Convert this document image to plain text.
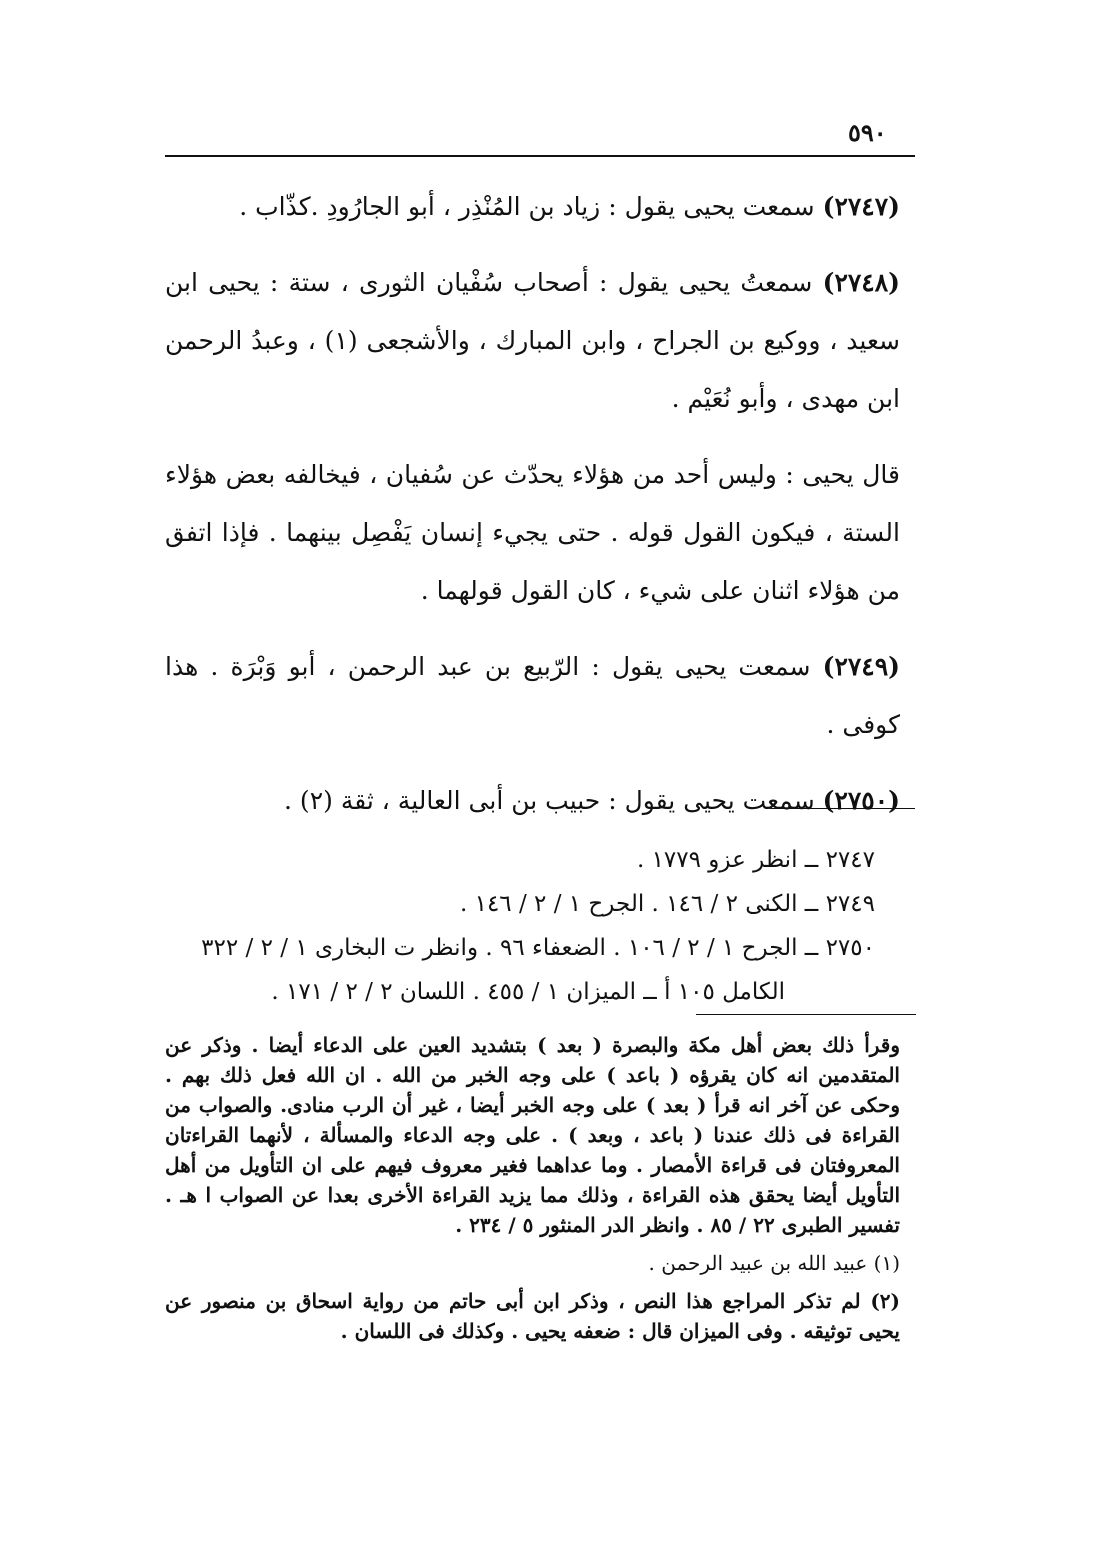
٥٩٠

(٢٧٤٧) سمعت يحيى يقول : زياد بن المُنْذِر ، أبو الجارُودِ .كذّاب .

(٢٧٤٨) سمعتُ يحيى يقول : أصحاب سُفْيان الثورى ، ستة : يحيى ابن سعيد ، ووكيع بن الجراح ، وابن المبارك ، والأشجعى (١) ، وعبدُ الرحمن ابن مهدى ، وأبو نُعَيْم .

قال يحيى : وليس أحد من هؤلاء يحدّث عن سُفيان ، فيخالفه بعض هؤلاء الستة ، فيكون القول قوله . حتى يجيء إنسان يَفْصِل بينهما . فإذا اتفق من هؤلاء اثنان على شيء ، كان القول قولهما .

(٢٧٤٩) سمعت يحيى يقول : الرّبيع بن عبد الرحمن ، أبو وَبْرَة . هذا كوفى .

(٢٧٥٠) سمعت يحيى يقول : حبيب بن أبى العالية ، ثقة (٢) .

٢٧٤٧ ــ انظر عزو ١٧٧٩ .

٢٧٤٩ ــ الكنى ٢ / ١٤٦ . الجرح ١ / ٢ / ١٤٦ .

٢٧٥٠ ــ الجرح ١ / ٢ / ١٠٦ . الضعفاء ٩٦ . وانظر ت البخارى ١ / ٢ / ٣٢٢

الكامل ١٠٥ أ ــ الميزان ١ / ٤٥٥ . اللسان ٢ / ٢ / ١٧١ .

وقرأ ذلك بعض أهل مكة والبصرة ( بعد ) بتشديد العين على الدعاء أيضا . وذكر عن المتقدمين انه كان يقرؤه ( باعد ) على وجه الخبر من الله . ان الله فعل ذلك بهم . وحكى عن آخر انه قرأ ( بعد ) على وجه الخبر أيضا ، غير أن الرب منادى. والصواب من القراءة فى ذلك عندنا ( باعد ، وبعد ) . على وجه الدعاء والمسألة ، لأنهما القراءتان المعروفتان فى قراءة الأمصار . وما عداهما فغير معروف فيهم على ان التأويل من أهل التأويل أيضا يحقق هذه القراءة ، وذلك مما يزيد القراءة الأخرى بعدا عن الصواب ا هـ . تفسير الطبرى ٢٢ / ٨٥ . وانظر الدر المنثور ٥ / ٢٣٤ .

(١) عبيد الله بن عبيد الرحمن .

(٢) لم تذكر المراجع هذا النص ، وذكر ابن أبى حاتم من رواية اسحاق بن منصور عن يحيى توثيقه . وفى الميزان قال : ضعفه يحيى . وكذلك فى اللسان .
